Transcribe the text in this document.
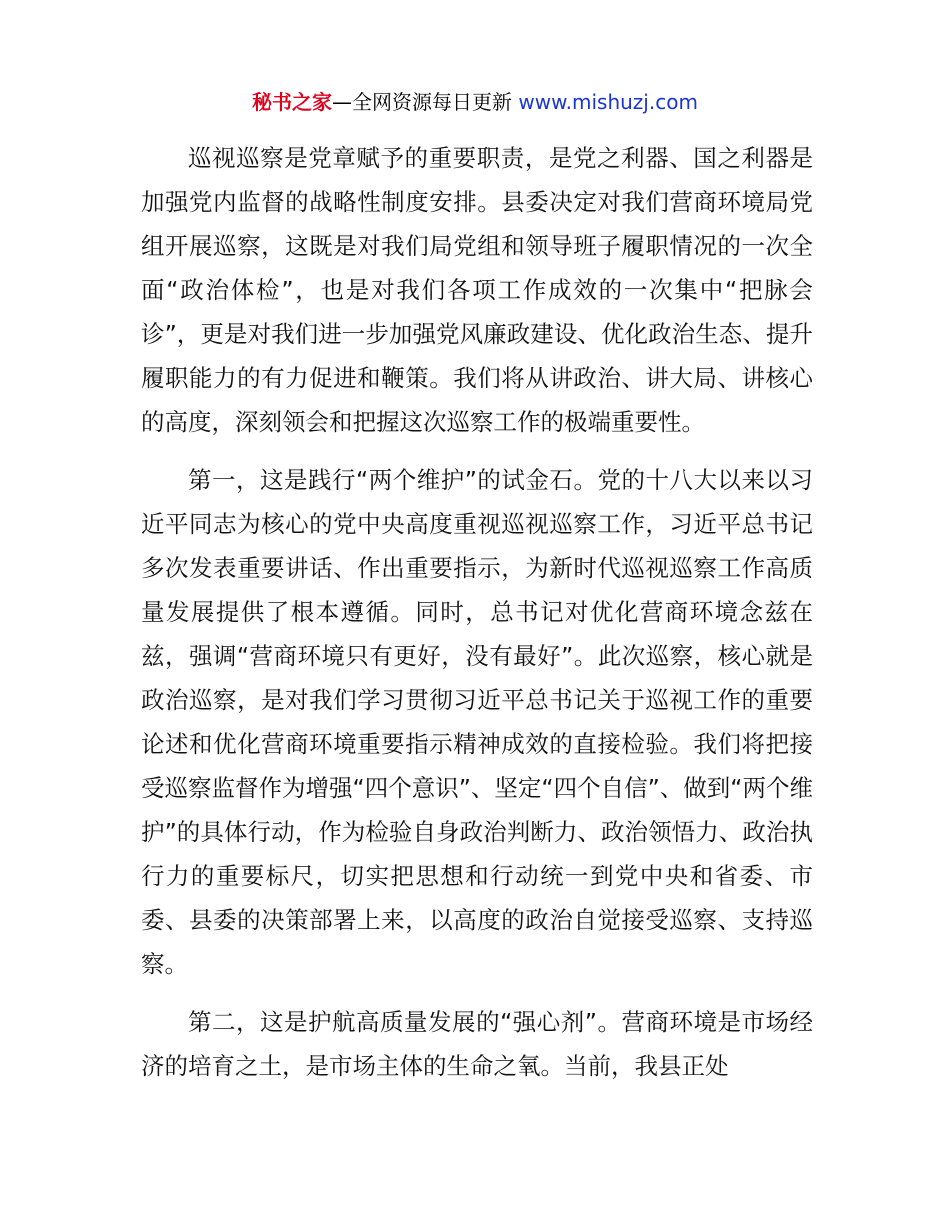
秘书之家—全网资源每日更新 www.mishuzj.com

巡视巡察是党章赋予的重要职责，是党之利器、国之利器是加强党内监督的战略性制度安排。县委决定对我们营商环境局党组开展巡察，这既是对我们局党组和领导班子履职情况的一次全面“政治体检”，也是对我们各项工作成效的一次集中“把脉会诊”，更是对我们进一步加强党风廉政建设、优化政治生态、提升履职能力的有力促进和鞭策。我们将从讲政治、讲大局、讲核心的高度，深刻领会和把握这次巡察工作的极端重要性。

第一，这是践行“两个维护”的试金石。党的十八大以来以习近平同志为核心的党中央高度重视巡视巡察工作，习近平总书记多次发表重要讲话、作出重要指示，为新时代巡视巡察工作高质量发展提供了根本遵循。同时，总书记对优化营商环境念兹在兹，强调“营商环境只有更好，没有最好”。此次巡察，核心就是政治巡察，是对我们学习贯彻习近平总书记关于巡视工作的重要论述和优化营商环境重要指示精神成效的直接检验。我们将把接受巡察监督作为增强“四个意识”、坚定“四个自信”、做到“两个维护”的具体行动，作为检验自身政治判断力、政治领悟力、政治执行力的重要标尺，切实把思想和行动统一到党中央和省委、市委、县委的决策部署上来，以高度的政治自觉接受巡察、支持巡察。

第二，这是护航高质量发展的“强心剂”。营商环境是市场经济的培育之土，是市场主体的生命之氧。当前，我县正处
